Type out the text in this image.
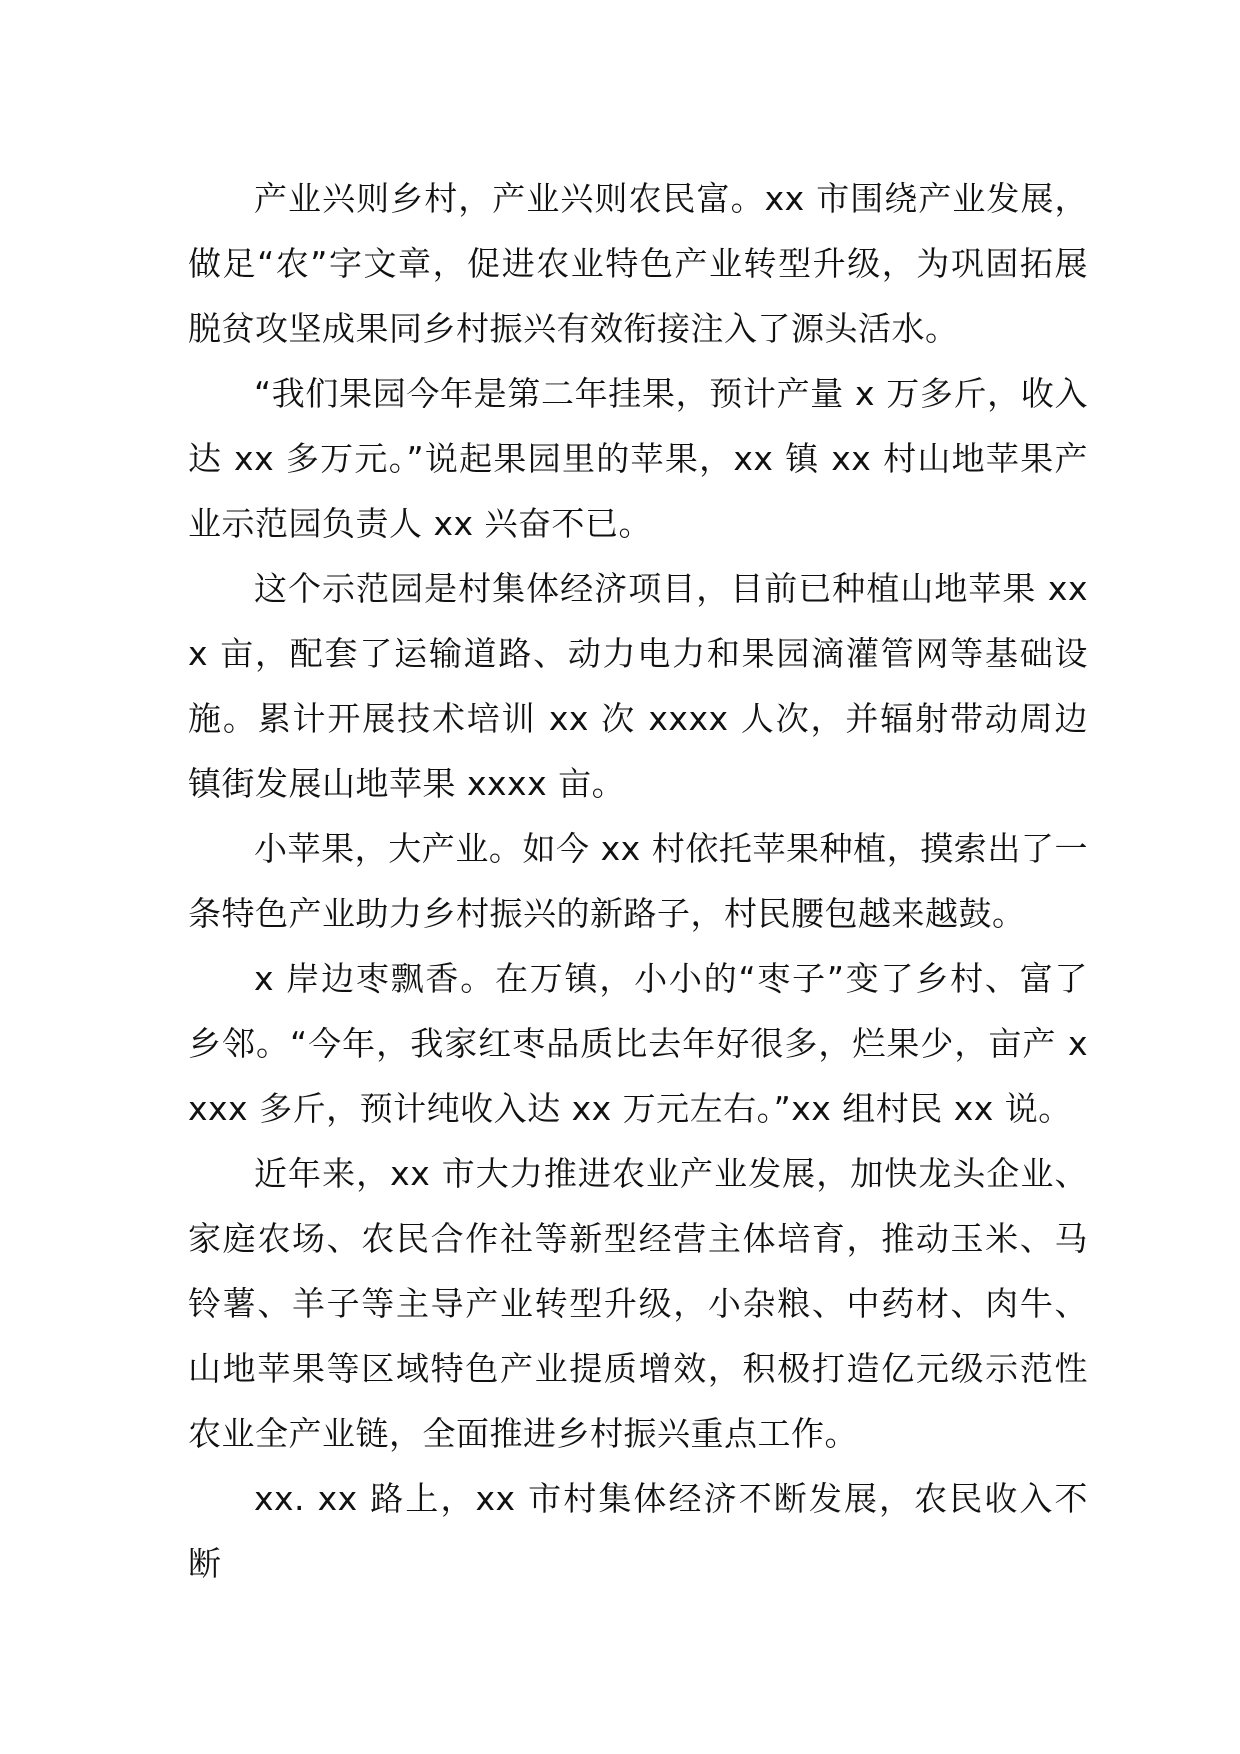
产业兴则乡村，产业兴则农民富。xx 市围绕产业发展，做足“农”字文章，促进农业特色产业转型升级，为巩固拓展脱贫攻坚成果同乡村振兴有效衔接注入了源头活水。

“我们果园今年是第二年挂果，预计产量 x 万多斤，收入达 xx 多万元。”说起果园里的苹果，xx 镇 xx 村山地苹果产业示范园负责人 xx 兴奋不已。

这个示范园是村集体经济项目，目前已种植山地苹果 xxx 亩，配套了运输道路、动力电力和果园滴灌管网等基础设施。累计开展技术培训 xx 次 xxxx 人次，并辐射带动周边镇街发展山地苹果 xxxx 亩。

小苹果，大产业。如今 xx 村依托苹果种植，摸索出了一条特色产业助力乡村振兴的新路子，村民腰包越来越鼓。

x 岸边枣飘香。在万镇，小小的“枣子”变了乡村、富了乡邻。“今年，我家红枣品质比去年好很多，烂果少，亩产 xxxx 多斤，预计纯收入达 xx 万元左右。”xx 组村民 xx 说。

近年来，xx 市大力推进农业产业发展，加快龙头企业、家庭农场、农民合作社等新型经营主体培育，推动玉米、马铃薯、羊子等主导产业转型升级，小杂粮、中药材、肉牛、山地苹果等区域特色产业提质增效，积极打造亿元级示范性农业全产业链，全面推进乡村振兴重点工作。

xx. xx 路上，xx 市村集体经济不断发展，农民收入不断
